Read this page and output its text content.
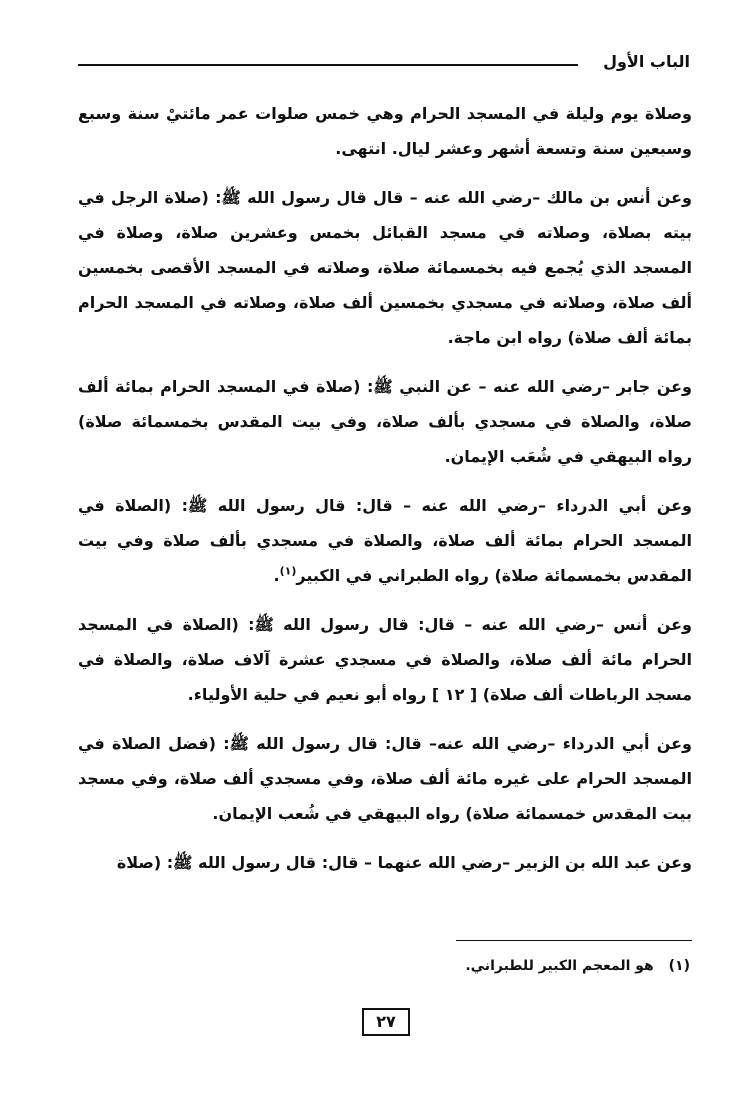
الباب الأول

وصلاة يوم وليلة في المسجد الحرام وهي خمس صلوات عمر مائتيْ سنة وسبع وسبعين سنة وتسعة أشهر وعشر ليال. انتهى.

وعن أنس بن مالك –رضي الله عنه – قال قال رسول الله ﷺ: (صلاة الرجل في بيته بصلاة، وصلاته في مسجد القبائل بخمس وعشرين صلاة، وصلاة في المسجد الذي يُجمع فيه بخمسمائة صلاة، وصلاته في المسجد الأقصى بخمسين ألف صلاة، وصلاته في مسجدي بخمسين ألف صلاة، وصلاته في المسجد الحرام بمائة ألف صلاة) رواه ابن ماجة.

وعن جابر –رضي الله عنه – عن النبي ﷺ: (صلاة في المسجد الحرام بمائة ألف صلاة، والصلاة في مسجدي بألف صلاة، وفي بيت المقدس بخمسمائة صلاة) رواه البيهقي في شُعَب الإيمان.

وعن أبي الدرداء –رضي الله عنه – قال: قال رسول الله ﷺ: (الصلاة في المسجد الحرام بمائة ألف صلاة، والصلاة في مسجدي بألف صلاة وفي بيت المقدس بخمسمائة صلاة) رواه الطبراني في الكبير$^{(١)}$.

وعن أنس –رضي الله عنه – قال: قال رسول الله ﷺ: (الصلاة في المسجد الحرام مائة ألف صلاة، والصلاة في مسجدي عشرة آلاف صلاة، والصلاة في مسجد الرباطات ألف صلاة) [ ١٢ ] رواه أبو نعيم في حلية الأولياء.

وعن أبي الدرداء –رضي الله عنه– قال: قال رسول الله ﷺ: (فضل الصلاة في المسجد الحرام على غيره مائة ألف صلاة، وفي مسجدي ألف صلاة، وفي مسجد بيت المقدس خمسمائة صلاة) رواه البيهقي في شُعب الإيمان.

وعن عبد الله بن الزبير –رضي الله عنهما – قال: قال رسول الله ﷺ: (صلاة

(١) هو المعجم الكبير للطبراني.
٢٧
